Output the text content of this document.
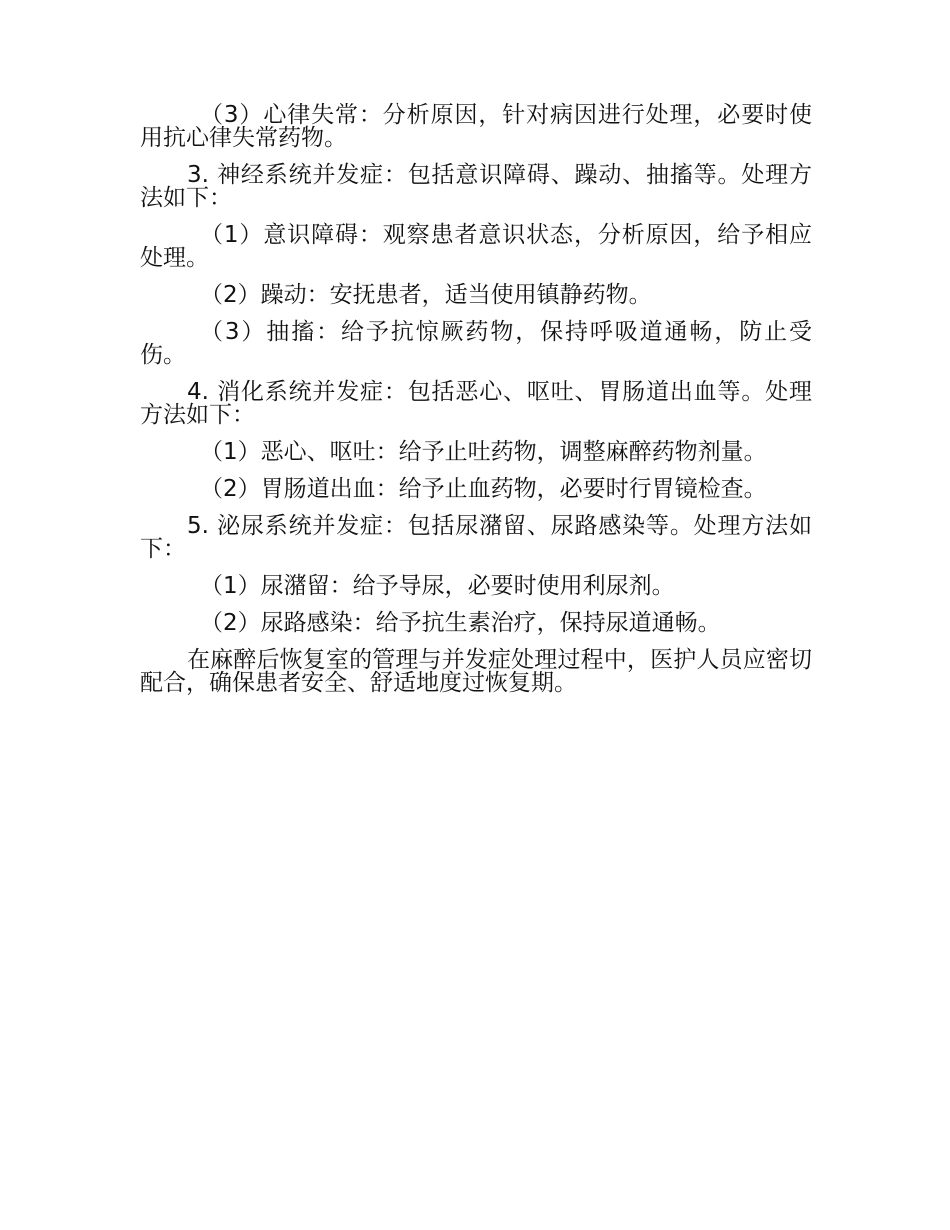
（3）心律失常：分析原因，针对病因进行处理，必要时使用抗心律失常药物。

3. 神经系统并发症：包括意识障碍、躁动、抽搐等。处理方法如下：

（1）意识障碍：观察患者意识状态，分析原因，给予相应处理。

（2）躁动：安抚患者，适当使用镇静药物。

（3）抽搐：给予抗惊厥药物，保持呼吸道通畅，防止受伤。

4. 消化系统并发症：包括恶心、呕吐、胃肠道出血等。处理方法如下：

（1）恶心、呕吐：给予止吐药物，调整麻醉药物剂量。

（2）胃肠道出血：给予止血药物，必要时行胃镜检查。

5. 泌尿系统并发症：包括尿潴留、尿路感染等。处理方法如下：

（1）尿潴留：给予导尿，必要时使用利尿剂。

（2）尿路感染：给予抗生素治疗，保持尿道通畅。

在麻醉后恢复室的管理与并发症处理过程中，医护人员应密切配合，确保患者安全、舒适地度过恢复期。
